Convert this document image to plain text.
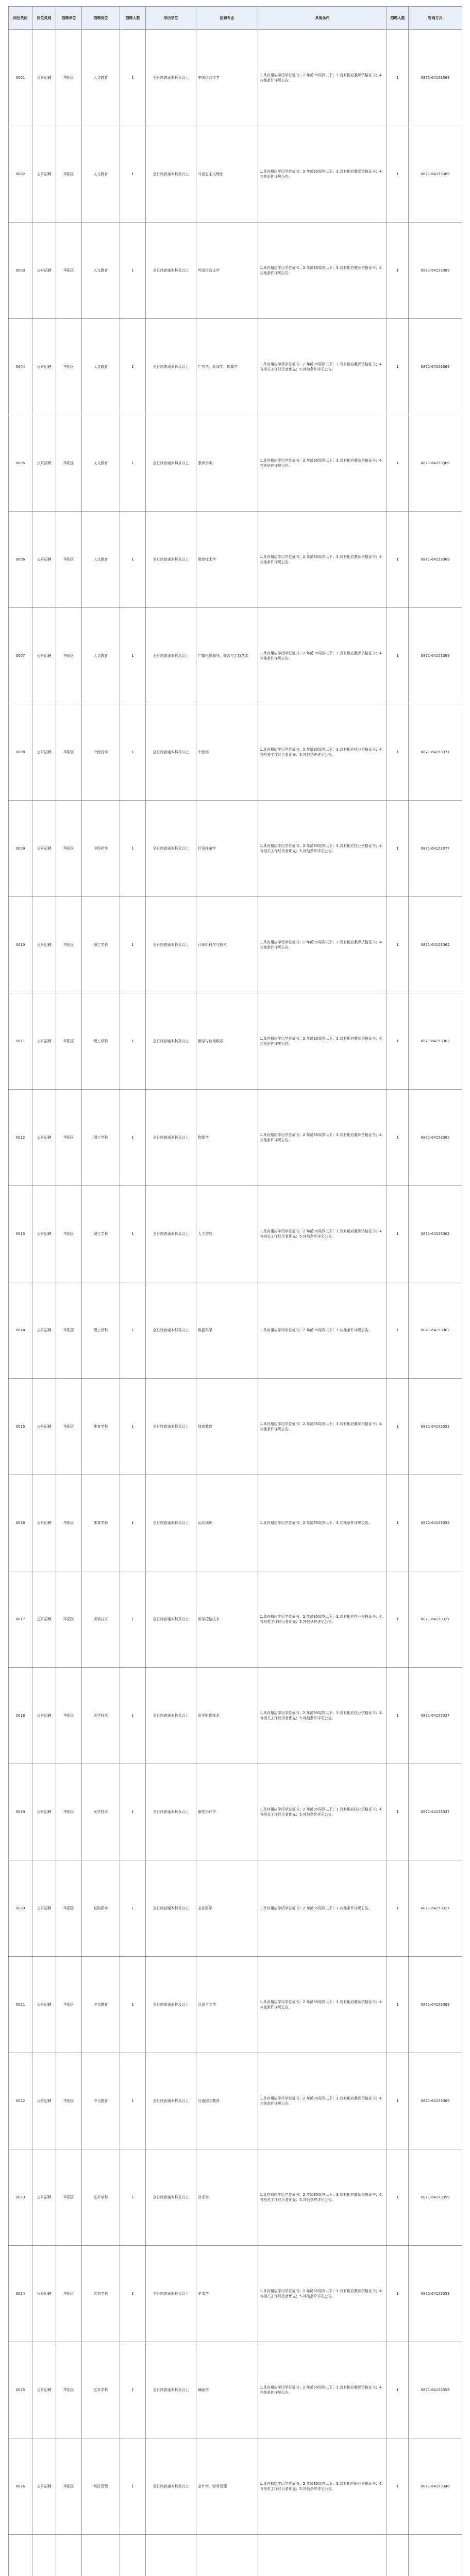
岗位代码	岗位类别	招聘单位	招聘岗位	招聘人数	学历学位	招聘专业	其他条件	招聘人数	咨询方式
0001	公开招聘	华阳区	人文教育	1	全日制普通本科及以上	中国语言文学	1.具有相应学历学位证书；2.年龄35周岁以下；3.具有相应教师资格证书；4.其他条件详见公告。	1	0871-64153369
0002	公开招聘	华阳区	人文教育	1	全日制普通本科及以上	马克思主义理论	1.具有相应学历学位证书；2.年龄35周岁以下；3.具有相应教师资格证书；4.其他条件详见公告。	1	0871-64153369
0003	公开招聘	华阳区	人文教育	1	全日制普通本科及以上	外国语言文学	1.具有相应学历学位证书；2.年龄35周岁以下；3.具有相应教师资格证书；4.其他条件详见公告。	1	0871-64153369
0004	公开招聘	华阳区	人文教育	1	全日制普通本科及以上	广告学、新闻学、传播学	1.具有相应学历学位证书；2.年龄35周岁以下；3.具有相应教师资格证书；4.有相关工作经历者优先；5.其他条件详见公告。	1	0871-64153369
0005	公开招聘	华阳区	人文教育	1	全日制普通本科及以上	教育学类	1.具有相应学历学位证书；2.年龄35周岁以下；3.具有相应教师资格证书；4.其他条件详见公告。	1	0871-64153369
0006	公开招聘	华阳区	人文教育	1	全日制普通本科及以上	教育技术学	1.具有相应学历学位证书；2.年龄35周岁以下；3.具有相应教师资格证书；4.其他条件详见公告。	1	0871-64153369
0007	公开招聘	华阳区	人文教育	1	全日制普通本科及以上	广播电视编导、播音与主持艺术	1.具有相应学历学位证书；2.年龄35周岁以下；3.具有相应教师资格证书；4.其他条件详见公告。	1	0871-64153369
0008	公开招聘	华阳区	中医药学	1	全日制普通本科及以上	中医学	1.具有相应学历学位证书；2.年龄35周岁以下；3.具有相应执业资格证书；4.有相关工作经历者优先；5.其他条件详见公告。	1	0871-64153377
0009	公开招聘	华阳区	中医药学	1	全日制普通本科及以上	针灸推拿学	1.具有相应学历学位证书；2.年龄35周岁以下；3.具有相应执业资格证书；4.有相关工作经历者优先；5.其他条件详见公告。	1	0871-64153377
0010	公开招聘	华阳区	理工学科	1	全日制普通本科及以上	计算机科学与技术	1.具有相应学历学位证书；2.年龄35周岁以下；3.具有相应教师资格证书；4.其他条件详见公告。	1	0871-64153362
0011	公开招聘	华阳区	理工学科	1	全日制普通本科及以上	数学与应用数学	1.具有相应学历学位证书；2.年龄35周岁以下；3.具有相应教师资格证书；4.其他条件详见公告。	1	0871-64153362
0012	公开招聘	华阳区	理工学科	1	全日制普通本科及以上	物理学	1.具有相应学历学位证书；2.年龄35周岁以下；3.具有相应教师资格证书；4.其他条件详见公告。	1	0871-64153362
0013	公开招聘	华阳区	理工学科	1	全日制普通本科及以上	人工智能	1.具有相应学历学位证书；2.年龄35周岁以下；3.具有相应教师资格证书；4.有相关工作经历者优先；5.其他条件详见公告。	1	0871-64153362
0014	公开招聘	华阳区	理工学科	1	全日制普通本科及以上	数据科学	1.具有相应学历学位证书；2.年龄35周岁以下；3.其他条件详见公告。	1	0871-64153362
0015	公开招聘	华阳区	体育学科	1	全日制普通本科及以上	体育教育	1.具有相应学历学位证书；2.年龄35周岁以下；3.具有相应教师资格证书；4.其他条件详见公告。	1	0871-64153352
0016	公开招聘	华阳区	体育学科	1	全日制普通本科及以上	运动训练	1.具有相应学历学位证书；2.年龄35周岁以下；3.其他条件详见公告。	1	0871-64153352
0017	公开招聘	华阳区	医学技术	1	全日制普通本科及以上	医学检验技术	1.具有相应学历学位证书；2.年龄35周岁以下；3.具有相应执业资格证书；4.有相关工作经历者优先；5.其他条件详见公告。	1	0871-64153327
0018	公开招聘	华阳区	医学技术	1	全日制普通本科及以上	医学影像技术	1.具有相应学历学位证书；2.年龄35周岁以下；3.具有相应执业资格证书；4.有相关工作经历者优先；5.其他条件详见公告。	1	0871-64153327
0019	公开招聘	华阳区	医学技术	1	全日制普通本科及以上	康复治疗学	1.具有相应学历学位证书；2.年龄35周岁以下；3.具有相应执业资格证书；4.有相关工作经历者优先；5.其他条件详见公告。	1	0871-64153327
0020	公开招聘	华阳区	基础医学	1	全日制普通本科及以上	基础医学	1.具有相应学历学位证书；2.年龄35周岁以下；3.其他条件详见公告。	1	0871-64153327
0021	公开招聘	华阳区	中文教育	1	全日制普通本科及以上	汉语言文学	1.具有相应学历学位证书；2.年龄35周岁以下；3.具有相应教师资格证书；4.其他条件详见公告。	1	0871-64153369
0022	公开招聘	华阳区	中文教育	1	全日制普通本科及以上	汉语国际教育	1.具有相应学历学位证书；2.年龄35周岁以下；3.具有相应教师资格证书；4.其他条件详见公告。	1	0871-64153369
0023	公开招聘	华阳区	艺术学科	1	全日制普通本科及以上	音乐学	1.具有相应学历学位证书；2.年龄35周岁以下；3.具有相应教师资格证书；4.有相关工作经历者优先；5.其他条件详见公告。	1	0871-64153359
0024	公开招聘	华阳区	艺术学科	1	全日制普通本科及以上	美术学	1.具有相应学历学位证书；2.年龄35周岁以下；3.具有相应教师资格证书；4.有相关工作经历者优先；5.其他条件详见公告。	1	0871-64153359
0025	公开招聘	华阳区	艺术学科	1	全日制普通本科及以上	舞蹈学	1.具有相应学历学位证书；2.年龄35周岁以下；3.具有相应教师资格证书；4.其他条件详见公告。	1	0871-64153359
0026	公开招聘	华阳区	经济管理	1	全日制普通本科及以上	会计学、财务管理	1.具有相应学历学位证书；2.年龄35周岁以下；3.具有相应职业资格证书；4.有相关工作经历者优先；5.其他条件详见公告。	1	0871-64153348
